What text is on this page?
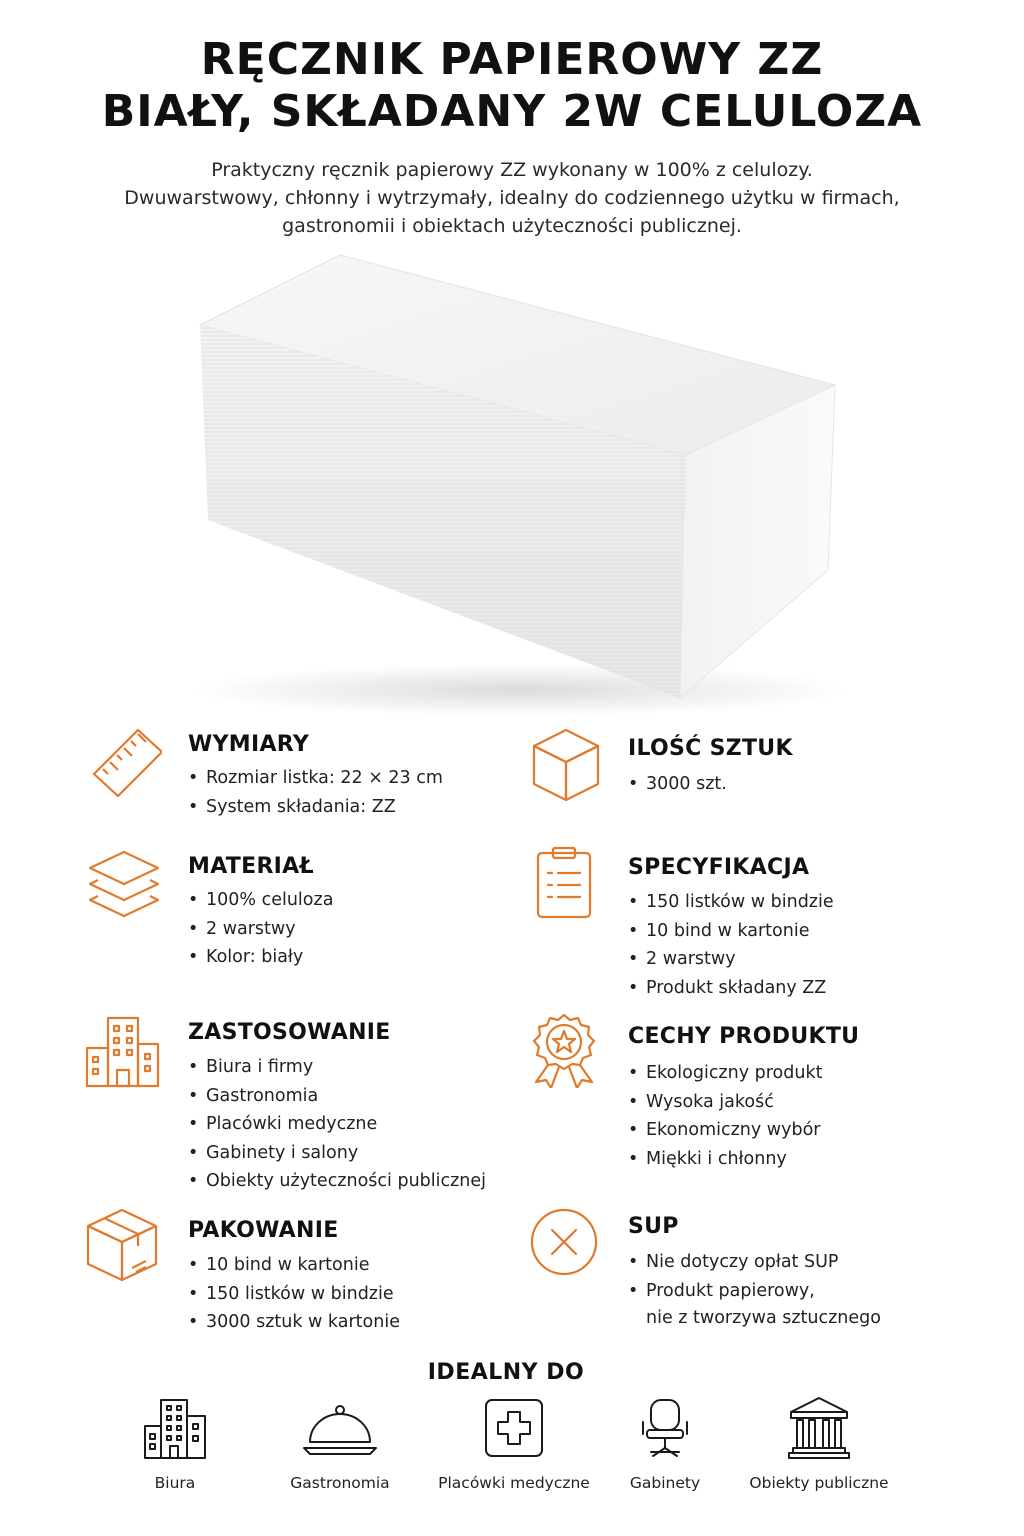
RĘCZNIK PAPIEROWY ZZ
BIAŁY, SKŁADANY 2W CELULOZA
Praktyczny ręcznik papierowy ZZ wykonany w 100% z celulozy.
Dwuwarstwowy, chłonny i wytrzymały, idealny do codziennego użytku w firmach,
gastronomii i obiektach użyteczności publicznej.
WYMIARY
• Rozmiar listka: 22 × 23 cm
• System składania: ZZ
ILOŚĆ SZTUK
• 3000 szt.
MATERIAŁ
• 100% celuloza
• 2 warstwy
• Kolor: biały
SPECYFIKACJA
• 150 listków w bindzie
• 10 bind w kartonie
• 2 warstwy
• Produkt składany ZZ
ZASTOSOWANIE
• Biura i firmy
• Gastronomia
• Placówki medyczne
• Gabinety i salony
• Obiekty użyteczności publicznej
CECHY PRODUKTU
• Ekologiczny produkt
• Wysoka jakość
• Ekonomiczny wybór
• Miękki i chłonny
PAKOWANIE
• 10 bind w kartonie
• 150 listków w bindzie
• 3000 sztuk w kartonie
SUP
• Nie dotyczy opłat SUP
• Produkt papierowy,
nie z tworzywa sztucznego
IDEALNY DO
Biura	Gastronomia	Placówki medyczne	Gabinety	Obiekty publiczne
